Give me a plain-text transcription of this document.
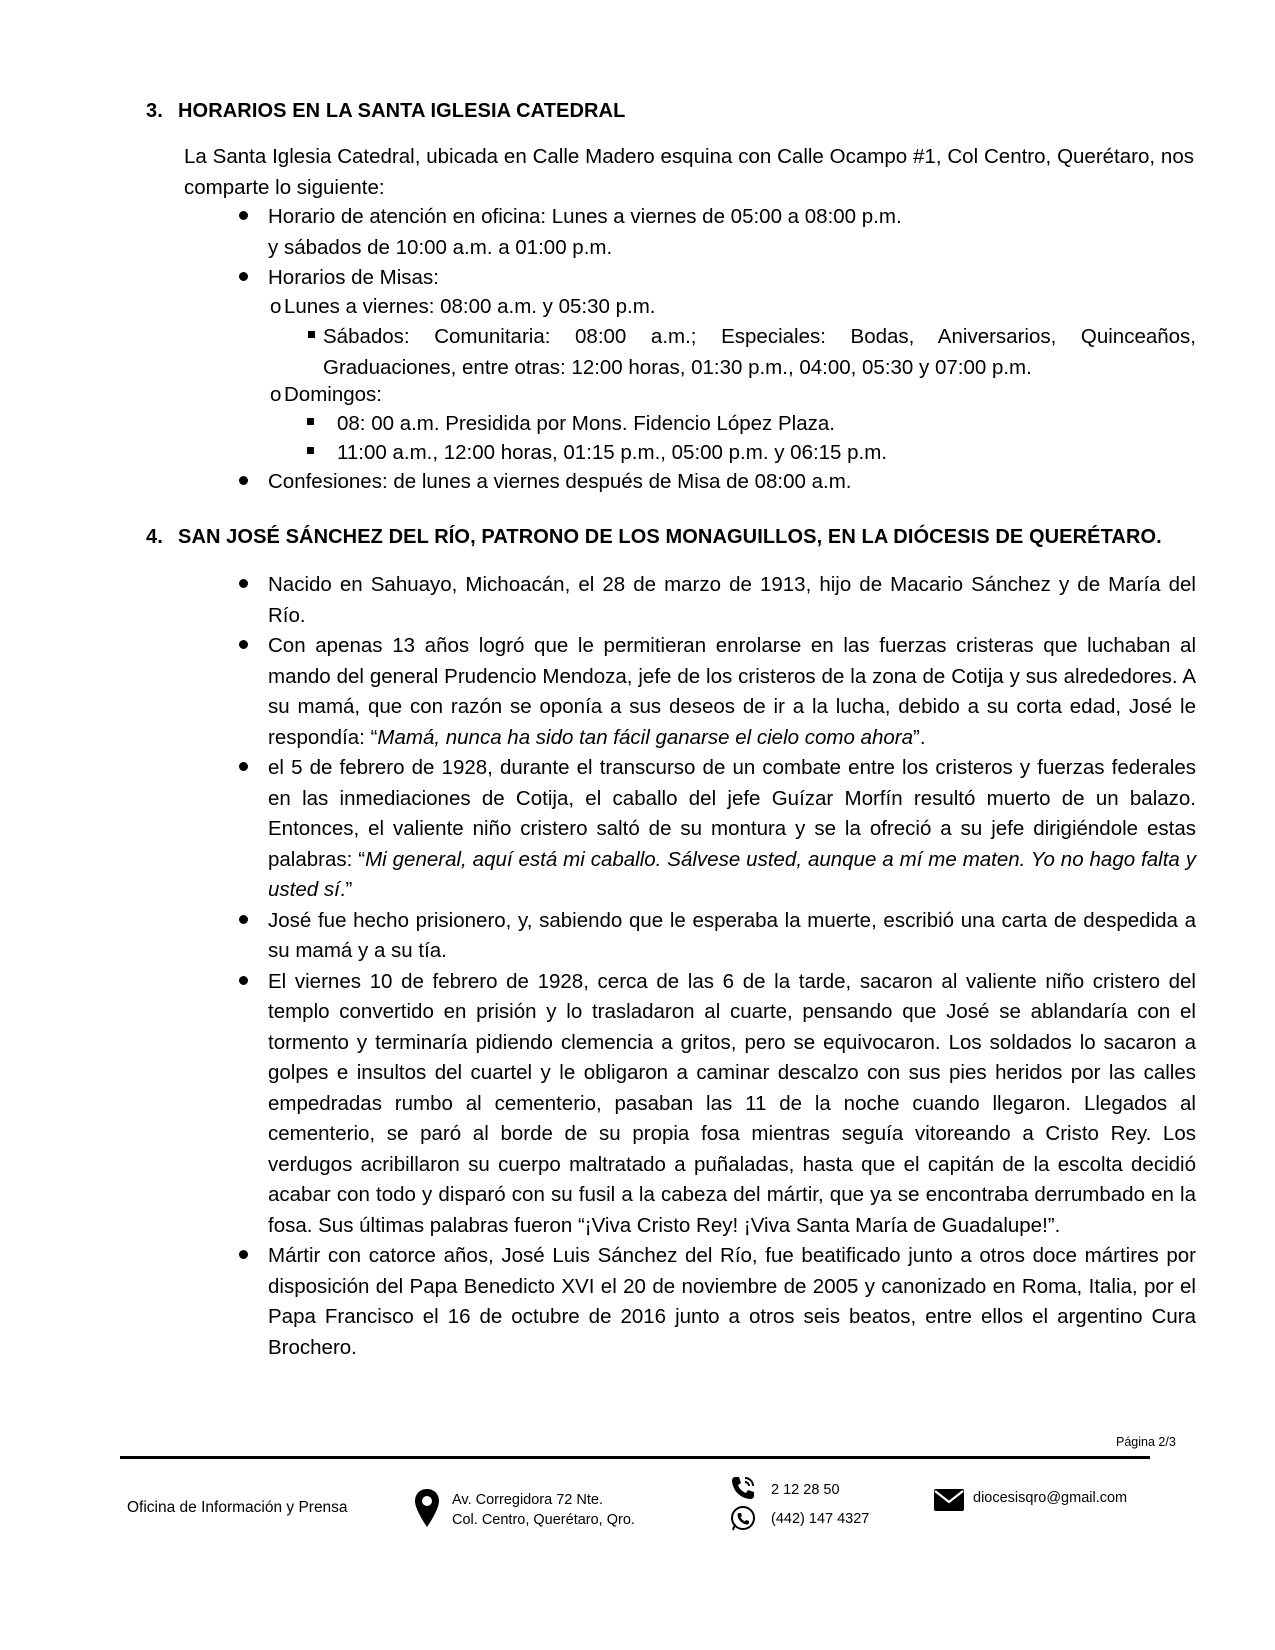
3. HORARIOS EN LA SANTA IGLESIA CATEDRAL
La Santa Iglesia Catedral, ubicada en Calle Madero esquina con Calle Ocampo #1, Col Centro, Querétaro, nos comparte lo siguiente:
Horario de atención en oficina: Lunes a viernes de 05:00 a 08:00 p.m.
y sábados de 10:00 a.m. a 01:00 p.m.
Horarios de Misas:
o Lunes a viernes: 08:00 a.m. y 05:30 p.m.
Sábados: Comunitaria: 08:00 a.m.; Especiales: Bodas, Aniversarios, Quinceaños, Graduaciones, entre otras: 12:00 horas, 01:30 p.m., 04:00, 05:30 y 07:00 p.m.
o Domingos:
08: 00 a.m. Presidida por Mons. Fidencio López Plaza.
11:00 a.m., 12:00 horas, 01:15 p.m., 05:00 p.m. y 06:15 p.m.
Confesiones: de lunes a viernes después de Misa de 08:00 a.m.
4. SAN JOSÉ SÁNCHEZ DEL RÍO, PATRONO DE LOS MONAGUILLOS, EN LA DIÓCESIS DE QUERÉTARO.
Nacido en Sahuayo, Michoacán, el 28 de marzo de 1913, hijo de Macario Sánchez y de María del Río.
Con apenas 13 años logró que le permitieran enrolarse en las fuerzas cristeras que luchaban al mando del general Prudencio Mendoza, jefe de los cristeros de la zona de Cotija y sus alrededores. A su mamá, que con razón se oponía a sus deseos de ir a la lucha, debido a su corta edad, José le respondía: “Mamá, nunca ha sido tan fácil ganarse el cielo como ahora”.
el 5 de febrero de 1928, durante el transcurso de un combate entre los cristeros y fuerzas federales en las inmediaciones de Cotija, el caballo del jefe Guízar Morfín resultó muerto de un balazo. Entonces, el valiente niño cristero saltó de su montura y se la ofreció a su jefe dirigiéndole estas palabras: “Mi general, aquí está mi caballo. Sálvese usted, aunque a mí me maten. Yo no hago falta y usted sí.”
José fue hecho prisionero, y, sabiendo que le esperaba la muerte, escribió una carta de despedida a su mamá y a su tía.
El viernes 10 de febrero de 1928, cerca de las 6 de la tarde, sacaron al valiente niño cristero del templo convertido en prisión y lo trasladaron al cuarte, pensando que José se ablandaría con el tormento y terminaría pidiendo clemencia a gritos, pero se equivocaron. Los soldados lo sacaron a golpes e insultos del cuartel y le obligaron a caminar descalzo con sus pies heridos por las calles empedradas rumbo al cementerio, pasaban las 11 de la noche cuando llegaron. Llegados al cementerio, se paró al borde de su propia fosa mientras seguía vitoreando a Cristo Rey. Los verdugos acribillaron su cuerpo maltratado a puñaladas, hasta que el capitán de la escolta decidió acabar con todo y disparó con su fusil a la cabeza del mártir, que ya se encontraba derrumbado en la fosa. Sus últimas palabras fueron “¡Viva Cristo Rey! ¡Viva Santa María de Guadalupe!”.
Mártir con catorce años, José Luis Sánchez del Río, fue beatificado junto a otros doce mártires por disposición del Papa Benedicto XVI el 20 de noviembre de 2005 y canonizado en Roma, Italia, por el Papa Francisco el 16 de octubre de 2016 junto a otros seis beatos, entre ellos el argentino Cura Brochero.
Página 2/3
Oficina de Información y Prensa	Av. Corregidora 72 Nte.
Col. Centro, Querétaro, Qro.
2 12 28 50
(442) 147 4327
diocesisqro@gmail.com
